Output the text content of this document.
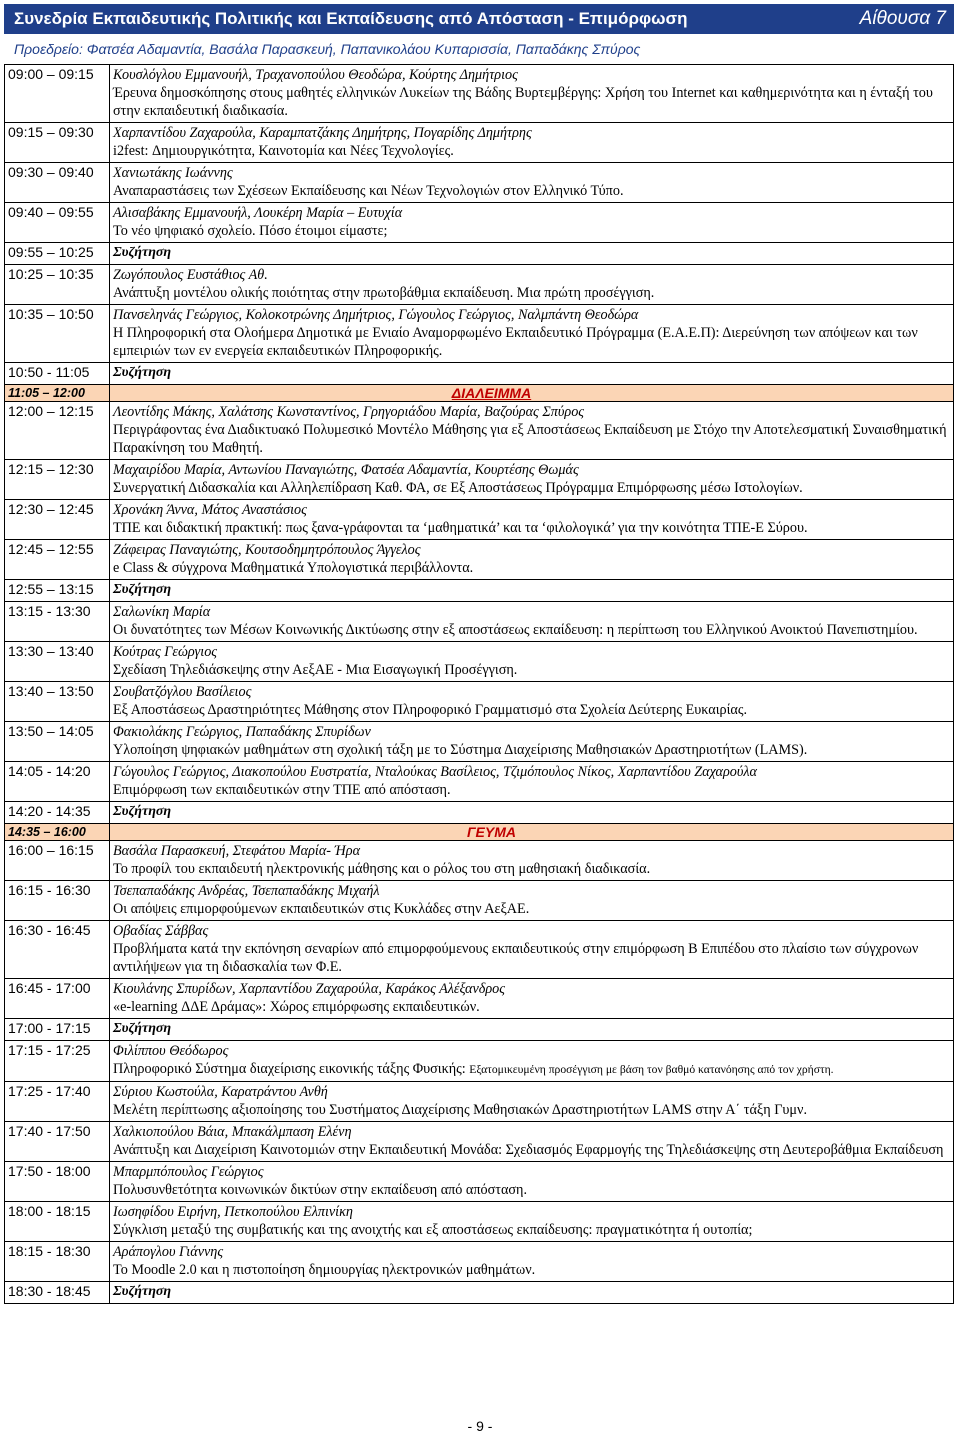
Συνεδρία Εκπαιδευτικής Πολιτικής και Εκπαίδευσης από Απόσταση - Επιμόρφωση	Αίθουσα 7
Προεδρείο: Φατσέα Αδαμαντία, Βασάλα Παρασκευή, Παπανικολάου Κυπαρισσία, Παπαδάκης Σπύρος
09:00 – 09:15	Κουσλόγλου Εμμανουήλ, Τραχανοπούλου Θεοδώρα, Κούρτης Δημήτριος
Έρευνα δημοσκόπησης στους μαθητές ελληνικών Λυκείων της Βάδης Βυρτεμβέργης: Χρήση του Internet και καθημερινότητα και η ένταξή του στην εκπαιδευτική διαδικασία.

09:15 – 09:30	Χαρπαντίδου Ζαχαρούλα, Καραμπατζάκης Δημήτρης, Πογαρίδης Δημήτρης
i2fest: Δημιουργικότητα, Καινοτομία και Νέες Τεχνολογίες.

09:30 – 09:40	Χανιωτάκης Ιωάννης
Αναπαραστάσεις των Σχέσεων Εκπαίδευσης και Νέων Τεχνολογιών στον Ελληνικό Τύπο.

09:40 – 09:55	Αλισαβάκης Εμμανουήλ, Λουκέρη Μαρία – Ευτυχία
Το νέο ψηφιακό σχολείο. Πόσο έτοιμοι είμαστε;

09:55 – 10:25	Συζήτηση

10:25 – 10:35	Ζωγόπουλος Ευστάθιος Αθ.
Ανάπτυξη μοντέλου ολικής ποιότητας στην πρωτοβάθμια εκπαίδευση. Μια πρώτη προσέγγιση.

10:35 – 10:50	Πανσεληνάς Γεώργιος, Κολοκοτρώνης Δημήτριος, Γώγουλος Γεώργιος, Ναλμπάντη Θεοδώρα
Η Πληροφορική στα Ολοήμερα Δημοτικά με Ενιαίο Αναμορφωμένο Εκπαιδευτικό Πρόγραμμα (Ε.Α.Ε.Π): Διερεύνηση των απόψεων και των εμπειριών των εν ενεργεία εκπαιδευτικών Πληροφορικής.

10:50 - 11:05	Συζήτηση

11:05 – 12:00	ΔΙΑΛΕΙΜΜΑ

12:00 – 12:15	Λεοντίδης Μάκης, Χαλάτσης Κωνσταντίνος, Γρηγοριάδου Μαρία, Βαζούρας Σπύρος
Περιγράφοντας ένα Διαδικτυακό Πολυμεσικό Μοντέλο Μάθησης για εξ Αποστάσεως Εκπαίδευση με Στόχο την Αποτελεσματική Συναισθηματική Παρακίνηση του Μαθητή.

12:15 – 12:30	Μαχαιρίδου Μαρία, Αντωνίου Παναγιώτης, Φατσέα Αδαμαντία, Κουρτέσης Θωμάς
Συνεργατική Διδασκαλία και Αλληλεπίδραση Καθ. ΦΑ, σε Εξ Αποστάσεως Πρόγραμμα Επιμόρφωσης μέσω Ιστολογίων.

12:30 – 12:45	Χρονάκη Άννα, Μάτος Αναστάσιος
ΤΠΕ και διδακτική πρακτική: πως ξανα-γράφονται τα ‘μαθηματικά’ και τα ‘φιλολογικά’ για την κοινότητα ΤΠΕ-Ε Σύρου.

12:45 – 12:55	Ζάφειρας Παναγιώτης, Κουτσοδημητρόπουλος Άγγελος
e Class & σύγχρονα Μαθηματικά Υπολογιστικά περιβάλλοντα.

12:55 – 13:15	Συζήτηση

13:15 - 13:30	Σαλωνίκη Μαρία
Οι δυνατότητες των Μέσων Κοινωνικής Δικτύωσης στην εξ αποστάσεως εκπαίδευση: η περίπτωση του Ελληνικού Ανοικτού Πανεπιστημίου.

13:30 – 13:40	Κούτρας Γεώργιος
Σχεδίαση Τηλεδιάσκεψης στην ΑεξΑΕ - Μια Εισαγωγική Προσέγγιση.

13:40 – 13:50	Σουβατζόγλου Βασίλειος
Εξ Αποστάσεως Δραστηριότητες Μάθησης στον Πληροφορικό Γραμματισμό στα Σχολεία Δεύτερης Ευκαιρίας.

13:50 – 14:05	Φακιολάκης Γεώργιος, Παπαδάκης Σπυρίδων
Υλοποίηση ψηφιακών μαθημάτων στη σχολική τάξη με το Σύστημα Διαχείρισης Μαθησιακών Δραστηριοτήτων (LAMS).

14:05 - 14:20	Γώγουλος Γεώργιος, Διακοπούλου Ευστρατία, Νταλούκας Βασίλειος, Τζιμόπουλος Νίκος, Χαρπαντίδου Ζαχαρούλα
Επιμόρφωση των εκπαιδευτικών στην ΤΠΕ από απόσταση.

14:20 - 14:35	Συζήτηση

14:35 – 16:00	ΓΕΥΜΑ

16:00 – 16:15	Βασάλα Παρασκευή, Στεφάτου Μαρία- Ήρα
Το προφίλ του εκπαιδευτή ηλεκτρονικής μάθησης και ο ρόλος του στη μαθησιακή διαδικασία.

16:15 - 16:30	Τσεπαπαδάκης Ανδρέας, Τσεπαπαδάκης Μιχαήλ
Οι απόψεις επιμορφούμενων εκπαιδευτικών στις Κυκλάδες στην ΑεξΑΕ.

16:30 - 16:45	Οβαδίας Σάββας
Προβλήματα κατά την εκπόνηση σεναρίων από επιμορφούμενους εκπαιδευτικούς στην επιμόρφωση Β Επιπέδου στο πλαίσιο των σύγχρονων αντιλήψεων για τη διδασκαλία των Φ.Ε.

16:45 - 17:00	Κιουλάνης Σπυρίδων, Χαρπαντίδου Ζαχαρούλα, Καράκος Αλέξανδρος
«e-learning ΔΔΕ Δράμας»: Χώρος επιμόρφωσης εκπαιδευτικών.

17:00 - 17:15	Συζήτηση

17:15 - 17:25	Φιλίππου Θεόδωρος
Πληροφορικό Σύστημα διαχείρισης εικονικής τάξης Φυσικής: Εξατομικευμένη προσέγγιση με βάση τον βαθμό κατανόησης από τον χρήστη.

17:25 - 17:40	Σύριου Κωστούλα, Καρατράντου Ανθή
Μελέτη περίπτωσης αξιοποίησης του Συστήματος Διαχείρισης Μαθησιακών Δραστηριοτήτων LAMS στην Α΄ τάξη Γυμν.

17:40 - 17:50	Χαλκιοπούλου Βάια, Μπακάλμπαση Ελένη
Ανάπτυξη και Διαχείριση Καινοτομιών στην Εκπαιδευτική Μονάδα: Σχεδιασμός Εφαρμογής της Τηλεδιάσκεψης στη Δευτεροβάθμια Εκπαίδευση

17:50 - 18:00	Μπαρμπόπουλος Γεώργιος
Πολυσυνθετότητα κοινωνικών δικτύων στην εκπαίδευση από απόσταση.

18:00 - 18:15	Ιωσηφίδου Ειρήνη, Πετκοπούλου Ελπινίκη
Σύγκλιση μεταξύ της συμβατικής και της ανοιχτής και εξ αποστάσεως εκπαίδευσης: πραγματικότητα ή ουτοπία;

18:15 - 18:30	Αράπογλου Γιάννης
Το Moodle 2.0 και η πιστοποίηση δημιουργίας ηλεκτρονικών μαθημάτων.

18:30 - 18:45	Συζήτηση
- 9 -
